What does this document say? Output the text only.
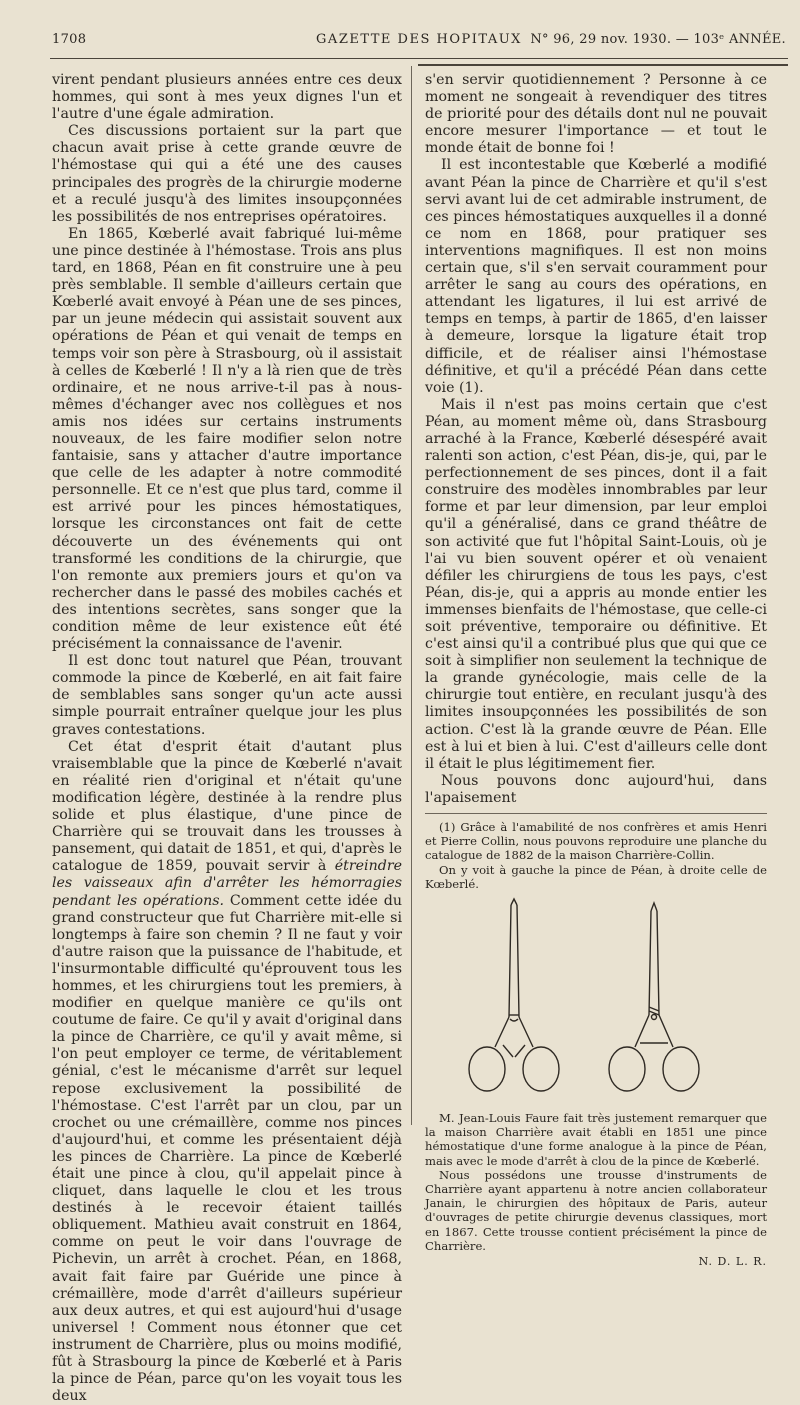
1708	GAZETTE DES HOPITAUX N° 96, 29 nov. 1930. — 103ᵉ ANNÉE.

virent pendant plusieurs années entre ces deux hommes, qui sont à mes yeux dignes l'un et l'autre d'une égale admiration.

Ces discussions portaient sur la part que chacun avait prise à cette grande œuvre de l'hémostase qui qui a été une des causes principales des progrès de la chirurgie moderne et a reculé jusqu'à des limites insoupçonnées les possibilités de nos entreprises opératoires.

En 1865, Kœberlé avait fabriqué lui-même une pince destinée à l'hémostase. Trois ans plus tard, en 1868, Péan en fit construire une à peu près semblable. Il semble d'ailleurs certain que Kœberlé avait envoyé à Péan une de ses pinces, par un jeune médecin qui assistait souvent aux opérations de Péan et qui venait de temps en temps voir son père à Strasbourg, où il assistait à celles de Kœberlé ! Il n'y a là rien que de très ordinaire, et ne nous arrive-t-il pas à nous-mêmes d'échanger avec nos collègues et nos amis nos idées sur certains instruments nouveaux, de les faire modifier selon notre fantaisie, sans y attacher d'autre importance que celle de les adapter à notre commodité personnelle. Et ce n'est que plus tard, comme il est arrivé pour les pinces hémostatiques, lorsque les circonstances ont fait de cette découverte un des événements qui ont transformé les conditions de la chirurgie, que l'on remonte aux premiers jours et qu'on va rechercher dans le passé des mobiles cachés et des intentions secrètes, sans songer que la condition même de leur existence eût été précisément la connaissance de l'avenir.

Il est donc tout naturel que Péan, trouvant commode la pince de Kœberlé, en ait fait faire de semblables sans songer qu'un acte aussi simple pourrait entraîner quelque jour les plus graves contestations.

Cet état d'esprit était d'autant plus vraisemblable que la pince de Kœberlé n'avait en réalité rien d'original et n'était qu'une modification légère, destinée à la rendre plus solide et plus élastique, d'une pince de Charrière qui se trouvait dans les trousses à pansement, qui datait de 1851, et qui, d'après le catalogue de 1859, pouvait servir à étreindre les vaisseaux afin d'arrêter les hémorragies pendant les opérations. Comment cette idée du grand constructeur que fut Charrière mit-elle si longtemps à faire son chemin ? Il ne faut y voir d'autre raison que la puissance de l'habitude, et l'insurmontable difficulté qu'éprouvent tous les hommes, et les chirurgiens tout les premiers, à modifier en quelque manière ce qu'ils ont coutume de faire. Ce qu'il y avait d'original dans la pince de Charrière, ce qu'il y avait même, si l'on peut employer ce terme, de véritablement génial, c'est le mécanisme d'arrêt sur lequel repose exclusivement la possibilité de l'hémostase. C'est l'arrêt par un clou, par un crochet ou une crémaillère, comme nos pinces d'aujourd'hui, et comme les présentaient déjà les pinces de Charrière. La pince de Kœberlé était une pince à clou, qu'il appelait pince à cliquet, dans laquelle le clou et les trous destinés à le recevoir étaient taillés obliquement. Mathieu avait construit en 1864, comme on peut le voir dans l'ouvrage de Pichevin, un arrêt à crochet. Péan, en 1868, avait fait faire par Guéride une pince à crémaillère, mode d'arrêt d'ailleurs supérieur aux deux autres, et qui est aujourd'hui d'usage universel ! Comment nous étonner que cet instrument de Charrière, plus ou moins modifié, fût à Strasbourg la pince de Kœberlé et à Paris la pince de Péan, parce qu'on les voyait tous les deux

s'en servir quotidiennement ? Personne à ce moment ne songeait à revendiquer des titres de priorité pour des détails dont nul ne pouvait encore mesurer l'importance — et tout le monde était de bonne foi !

Il est incontestable que Kœberlé a modifié avant Péan la pince de Charrière et qu'il s'est servi avant lui de cet admirable instrument, de ces pinces hémostatiques auxquelles il a donné ce nom en 1868, pour pratiquer ses interventions magnifiques. Il est non moins certain que, s'il s'en servait couramment pour arrêter le sang au cours des opérations, en attendant les ligatures, il lui est arrivé de temps en temps, à partir de 1865, d'en laisser à demeure, lorsque la ligature était trop difficile, et de réaliser ainsi l'hémostase définitive, et qu'il a précédé Péan dans cette voie (1).

Mais il n'est pas moins certain que c'est Péan, au moment même où, dans Strasbourg arraché à la France, Kœberlé désespéré avait ralenti son action, c'est Péan, dis-je, qui, par le perfectionnement de ses pinces, dont il a fait construire des modèles innombrables par leur forme et par leur dimension, par leur emploi qu'il a généralisé, dans ce grand théâtre de son activité que fut l'hôpital Saint-Louis, où je l'ai vu bien souvent opérer et où venaient défiler les chirurgiens de tous les pays, c'est Péan, dis-je, qui a appris au monde entier les immenses bienfaits de l'hémostase, que celle-ci soit préventive, temporaire ou définitive. Et c'est ainsi qu'il a contribué plus que qui que ce soit à simplifier non seulement la technique de la grande gynécologie, mais celle de la chirurgie tout entière, en reculant jusqu'à des limites insoupçonnées les possibilités de son action. C'est là la grande œuvre de Péan. Elle est à lui et bien à lui. C'est d'ailleurs celle dont il était le plus légitimement fier.

Nous pouvons donc aujourd'hui, dans l'apaisement

(1) Grâce à l'amabilité de nos confrères et amis Henri et Pierre Collin, nous pouvons reproduire une planche du catalogue de 1882 de la maison Charrière-Collin.

On y voit à gauche la pince de Péan, à droite celle de Kœberlé.

M. Jean-Louis Faure fait très justement remarquer que la maison Charrière avait établi en 1851 une pince hémostatique d'une forme analogue à la pince de Péan, mais avec le mode d'arrêt à clou de la pince de Kœberlé.

Nous possédons une trousse d'instruments de Charrière ayant appartenu à notre ancien collaborateur Janain, le chirurgien des hôpitaux de Paris, auteur d'ouvrages de petite chirurgie devenus classiques, mort en 1867. Cette trousse contient précisément la pince de Charrière.

N. D. L. R.
